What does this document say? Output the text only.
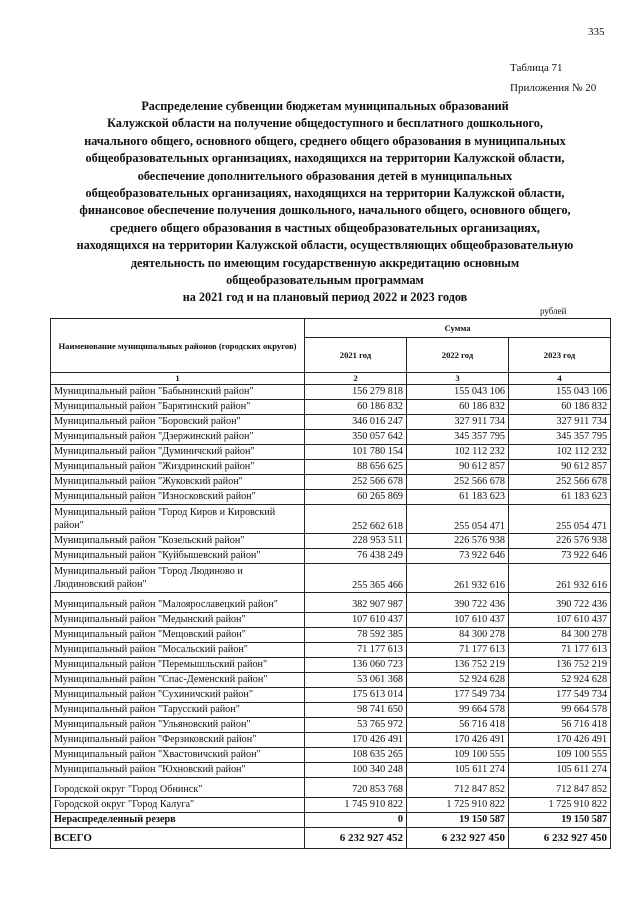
335
Таблица 71
Приложения № 20
Распределение субвенции бюджетам муниципальных образований
Калужской области на получение общедоступного и бесплатного дошкольного,
начального общего, основного общего, среднего общего образования в муниципальных
общеобразовательных организациях, находящихся на территории Калужской области,
обеспечение дополнительного образования детей в муниципальных
общеобразовательных организациях, находящихся на территории Калужской области,
финансовое обеспечение получения дошкольного, начального общего, основного общего,
среднего общего образования в частных общеобразовательных организациях,
находящихся на территории Калужской области, осуществляющих общеобразовательную
деятельность по имеющим государственную аккредитацию основным
общеобразовательным программам
на 2021 год и на плановый период 2022 и 2023 годов
рублей
Наименование муниципальных районов (городских округов)	Сумма		
	2021 год	2022 год	2023 год
1	2	3	4
Муниципальный район "Бабынинский район"	156 279 818	155 043 106	155 043 106
Муниципальный район "Барятинский район"	60 186 832	60 186 832	60 186 832
Муниципальный район "Боровский район"	346 016 247	327 911 734	327 911 734
Муниципальный район "Дзержинский район"	350 057 642	345 357 795	345 357 795
Муниципальный район "Думиничский район"	101 780 154	102 112 232	102 112 232
Муниципальный район "Жиздринский район"	88 656 625	90 612 857	90 612 857
Муниципальный район "Жуковский район"	252 566 678	252 566 678	252 566 678
Муниципальный район "Износковский район"	60 265 869	61 183 623	61 183 623
Муниципальный район "Город Киров и Кировский район"	252 662 618	255 054 471	255 054 471
Муниципальный район "Козельский район"	228 953 511	226 576 938	226 576 938
Муниципальный район "Куйбышевский район"	76 438 249	73 922 646	73 922 646
Муниципальный район "Город Людиново и Людиновский район"	255 365 466	261 932 616	261 932 616
Муниципальный район "Малоярославецкий район"	382 907 987	390 722 436	390 722 436
Муниципальный район "Медынский район"	107 610 437	107 610 437	107 610 437
Муниципальный район "Мещовский район"	78 592 385	84 300 278	84 300 278
Муниципальный район "Мосальский район"	71 177 613	71 177 613	71 177 613
Муниципальный район "Перемышльский район"	136 060 723	136 752 219	136 752 219
Муниципальный район "Спас-Деменский район"	53 061 368	52 924 628	52 924 628
Муниципальный район "Сухиничский район"	175 613 014	177 549 734	177 549 734
Муниципальный район "Тарусский район"	98 741 650	99 664 578	99 664 578
Муниципальный район "Ульяновский район"	53 765 972	56 716 418	56 716 418
Муниципальный район "Ферзиковский район"	170 426 491	170 426 491	170 426 491
Муниципальный район "Хвастовичский район"	108 635 265	109 100 555	109 100 555
Муниципальный район "Юхновский район"	100 340 248	105 611 274	105 611 274
Городской округ "Город Обнинск"	720 853 768	712 847 852	712 847 852
Городской округ "Город Калуга"	1 745 910 822	1 725 910 822	1 725 910 822
Нераспределенный резерв	0	19 150 587	19 150 587
ВСЕГО	6 232 927 452	6 232 927 450	6 232 927 450
